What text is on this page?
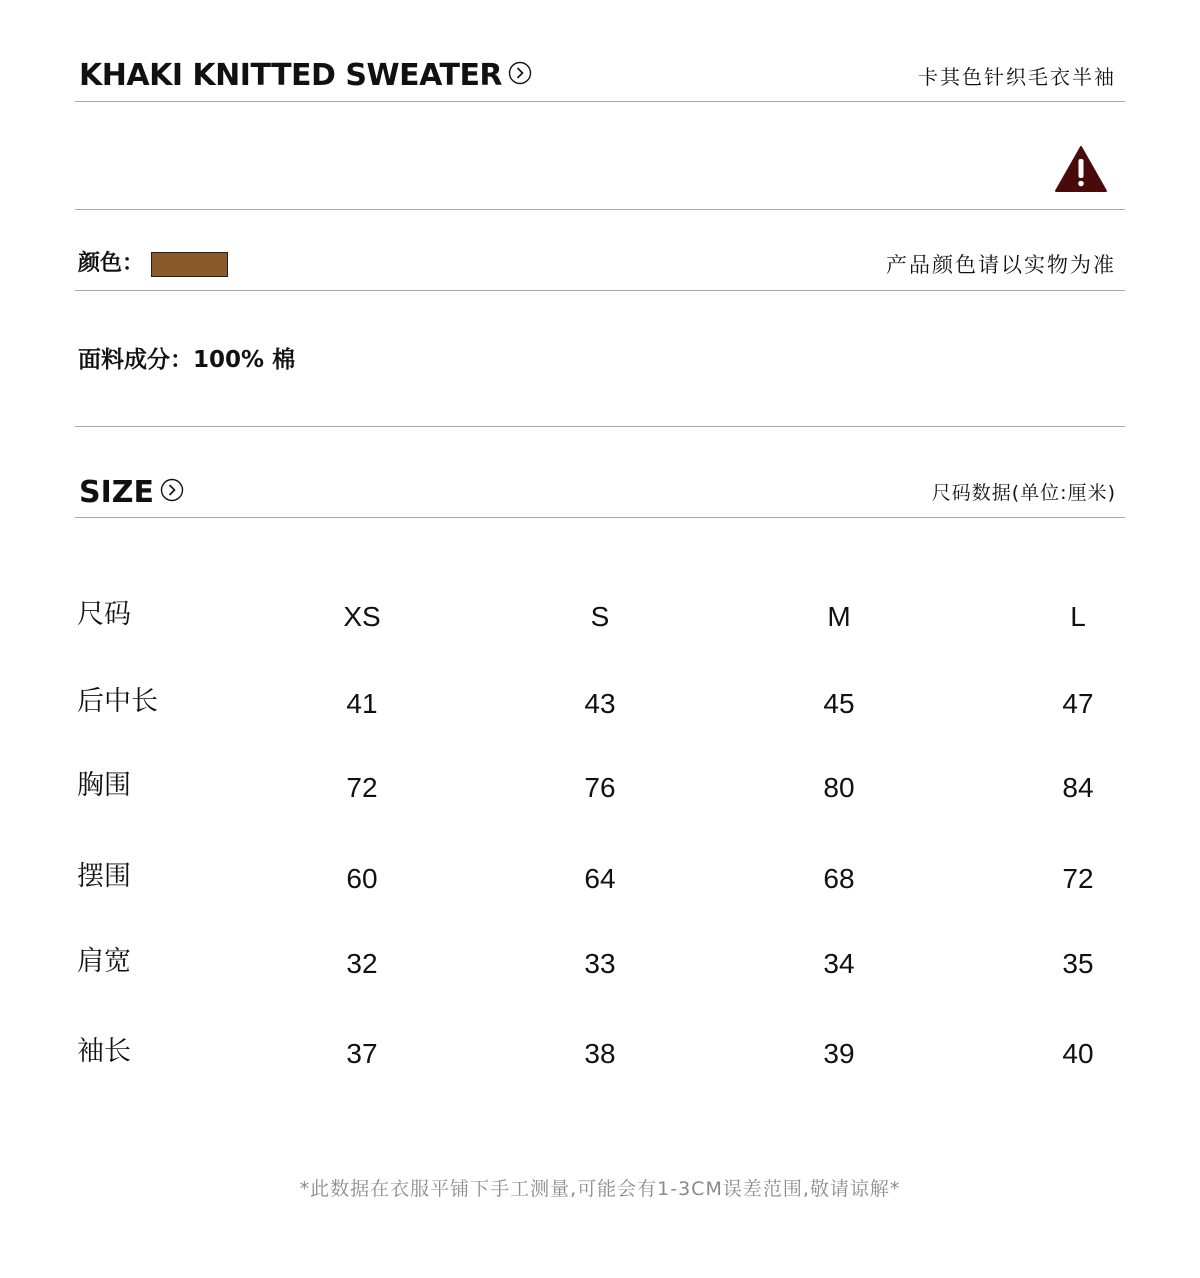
KHAKI KNITTED SWEATER	卡其色针织毛衣半袖
颜色：	产品颜色请以实物为准
面料成分：100% 棉
SIZE	尺码数据(单位:厘米)
尺码	XS	S	M	L
后中长	41	43	45	47
胸围	72	76	80	84
摆围	60	64	68	72
肩宽	32	33	34	35
袖长	37	38	39	40
*此数据在衣服平铺下手工测量,可能会有1-3CM误差范围,敬请谅解*
